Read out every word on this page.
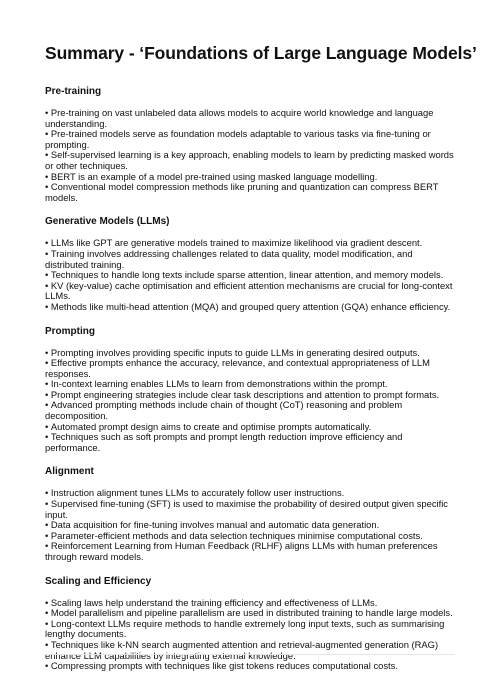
Summary - ‘Foundations of Large Language Models’
Pre-training
• Pre-training on vast unlabeled data allows models to acquire world knowledge and language understanding.
• Pre-trained models serve as foundation models adaptable to various tasks via fine-tuning or prompting.
• Self-supervised learning is a key approach, enabling models to learn by predicting masked words or other techniques.
• BERT is an example of a model pre-trained using masked language modelling.
• Conventional model compression methods like pruning and quantization can compress BERT models.
Generative Models (LLMs)
• LLMs like GPT are generative models trained to maximize likelihood via gradient descent.
• Training involves addressing challenges related to data quality, model modification, and distributed training.
• Techniques to handle long texts include sparse attention, linear attention, and memory models.
• KV (key-value) cache optimisation and efficient attention mechanisms are crucial for long-context LLMs.
• Methods like multi-head attention (MQA) and grouped query attention (GQA) enhance efficiency.
Prompting
• Prompting involves providing specific inputs to guide LLMs in generating desired outputs.
• Effective prompts enhance the accuracy, relevance, and contextual appropriateness of LLM responses.
• In-context learning enables LLMs to learn from demonstrations within the prompt.
• Prompt engineering strategies include clear task descriptions and attention to prompt formats.
• Advanced prompting methods include chain of thought (CoT) reasoning and problem decomposition.
• Automated prompt design aims to create and optimise prompts automatically.
• Techniques such as soft prompts and prompt length reduction improve efficiency and performance.
Alignment
• Instruction alignment tunes LLMs to accurately follow user instructions.
• Supervised fine-tuning (SFT) is used to maximise the probability of desired output given specific input.
• Data acquisition for fine-tuning involves manual and automatic data generation.
• Parameter-efficient methods and data selection techniques minimise computational costs.
• Reinforcement Learning from Human Feedback (RLHF) aligns LLMs with human preferences through reward models.
Scaling and Efficiency
• Scaling laws help understand the training efficiency and effectiveness of LLMs.
• Model parallelism and pipeline parallelism are used in distributed training to handle large models.
• Long-context LLMs require methods to handle extremely long input texts, such as summarising lengthy documents.
• Techniques like k-NN search augmented attention and retrieval-augmented generation (RAG) enhance LLM capabilities by integrating external knowledge.
• Compressing prompts with techniques like gist tokens reduces computational costs.
